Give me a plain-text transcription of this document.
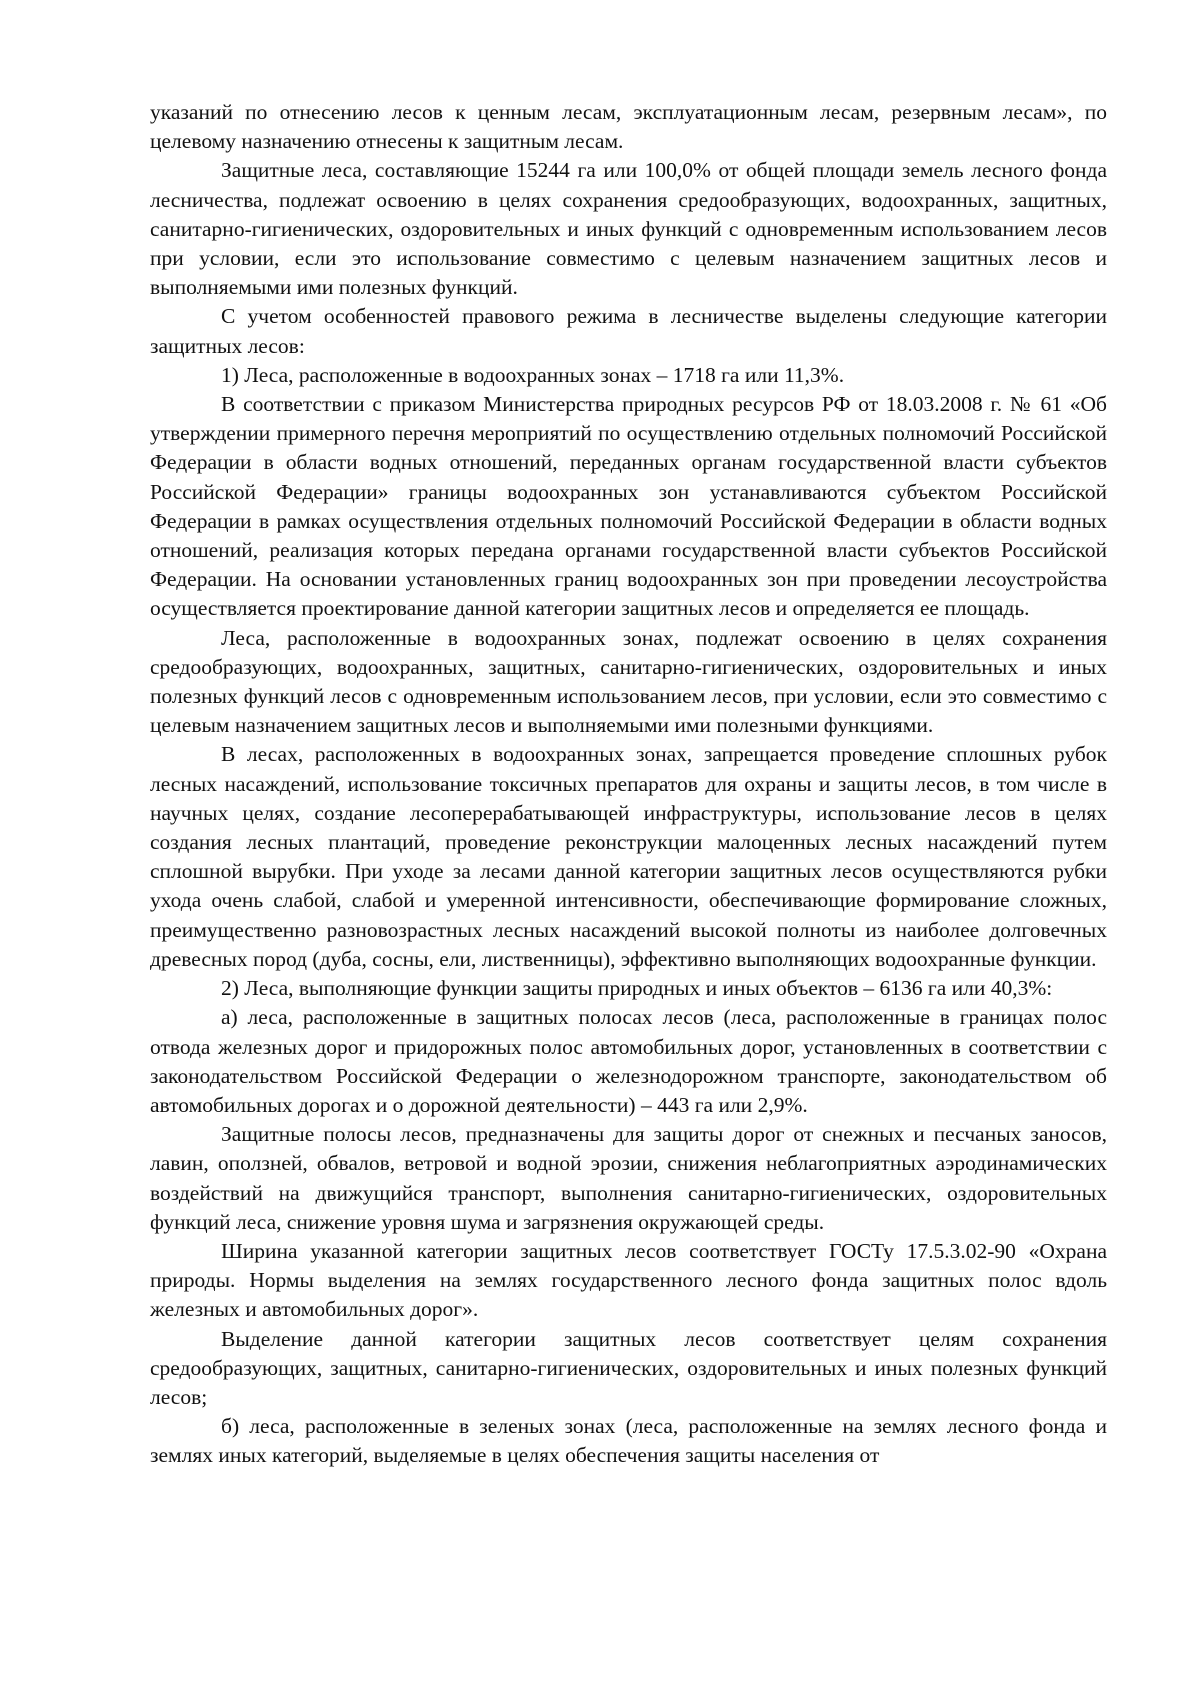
указаний по отнесению лесов к ценным лесам, эксплуатационным лесам, резервным лесам», по целевому назначению отнесены к защитным лесам.

Защитные леса, составляющие 15244 га или 100,0% от общей площади земель лесного фонда лесничества, подлежат освоению в целях сохранения средообразующих, водоохранных, защитных, санитарно-гигиенических, оздоровительных и иных функций с одновременным использованием лесов при условии, если это использование совместимо с целевым назначением защитных лесов и выполняемыми ими полезных функций.

С учетом особенностей правового режима в лесничестве выделены следующие категории защитных лесов:

1) Леса, расположенные в водоохранных зонах – 1718 га или 11,3%.

В соответствии с приказом Министерства природных ресурсов РФ от 18.03.2008 г. № 61 «Об утверждении примерного перечня мероприятий по осуществлению отдельных полномочий Российской Федерации в области водных отношений, переданных органам государственной власти субъектов Российской Федерации» границы водоохранных зон устанавливаются субъектом Российской Федерации в рамках осуществления отдельных полномочий Российской Федерации в области водных отношений, реализация которых передана органами государственной власти субъектов Российской Федерации. На основании установленных границ водоохранных зон при проведении лесоустройства осуществляется проектирование данной категории защитных лесов и определяется ее площадь.

Леса, расположенные в водоохранных зонах, подлежат освоению в целях сохранения средообразующих, водоохранных, защитных, санитарно-гигиенических, оздоровительных и иных полезных функций лесов с одновременным использованием лесов, при условии, если это совместимо с целевым назначением защитных лесов и выполняемыми ими полезными функциями.

В лесах, расположенных в водоохранных зонах, запрещается проведение сплошных рубок лесных насаждений, использование токсичных препаратов для охраны и защиты лесов, в том числе в научных целях, создание лесоперерабатывающей инфраструктуры, использование лесов в целях создания лесных плантаций, проведение реконструкции малоценных лесных насаждений путем сплошной вырубки. При уходе за лесами данной категории защитных лесов осуществляются рубки ухода очень слабой, слабой и умеренной интенсивности, обеспечивающие формирование сложных, преимущественно разновозрастных лесных насаждений высокой полноты из наиболее долговечных древесных пород (дуба, сосны, ели, лиственницы), эффективно выполняющих водоохранные функции.

2) Леса, выполняющие функции защиты природных и иных объектов – 6136 га или 40,3%:

а) леса, расположенные в защитных полосах лесов (леса, расположенные в границах полос отвода железных дорог и придорожных полос автомобильных дорог, установленных в соответствии с законодательством Российской Федерации о железнодорожном транспорте, законодательством об автомобильных дорогах и о дорожной деятельности) – 443 га или 2,9%.

Защитные полосы лесов, предназначены для защиты дорог от снежных и песчаных заносов, лавин, оползней, обвалов, ветровой и водной эрозии, снижения неблагоприятных аэродинамических воздействий на движущийся транспорт, выполнения санитарно-гигиенических, оздоровительных функций леса, снижение уровня шума и загрязнения окружающей среды.

Ширина указанной категории защитных лесов соответствует ГОСТу 17.5.3.02-90 «Охрана природы. Нормы выделения на землях государственного лесного фонда защитных полос вдоль железных и автомобильных дорог».

Выделение данной категории защитных лесов соответствует целям сохранения средообразующих, защитных, санитарно-гигиенических, оздоровительных и иных полезных функций лесов;

б) леса, расположенные в зеленых зонах (леса, расположенные на землях лесного фонда и землях иных категорий, выделяемые в целях обеспечения защиты населения от
